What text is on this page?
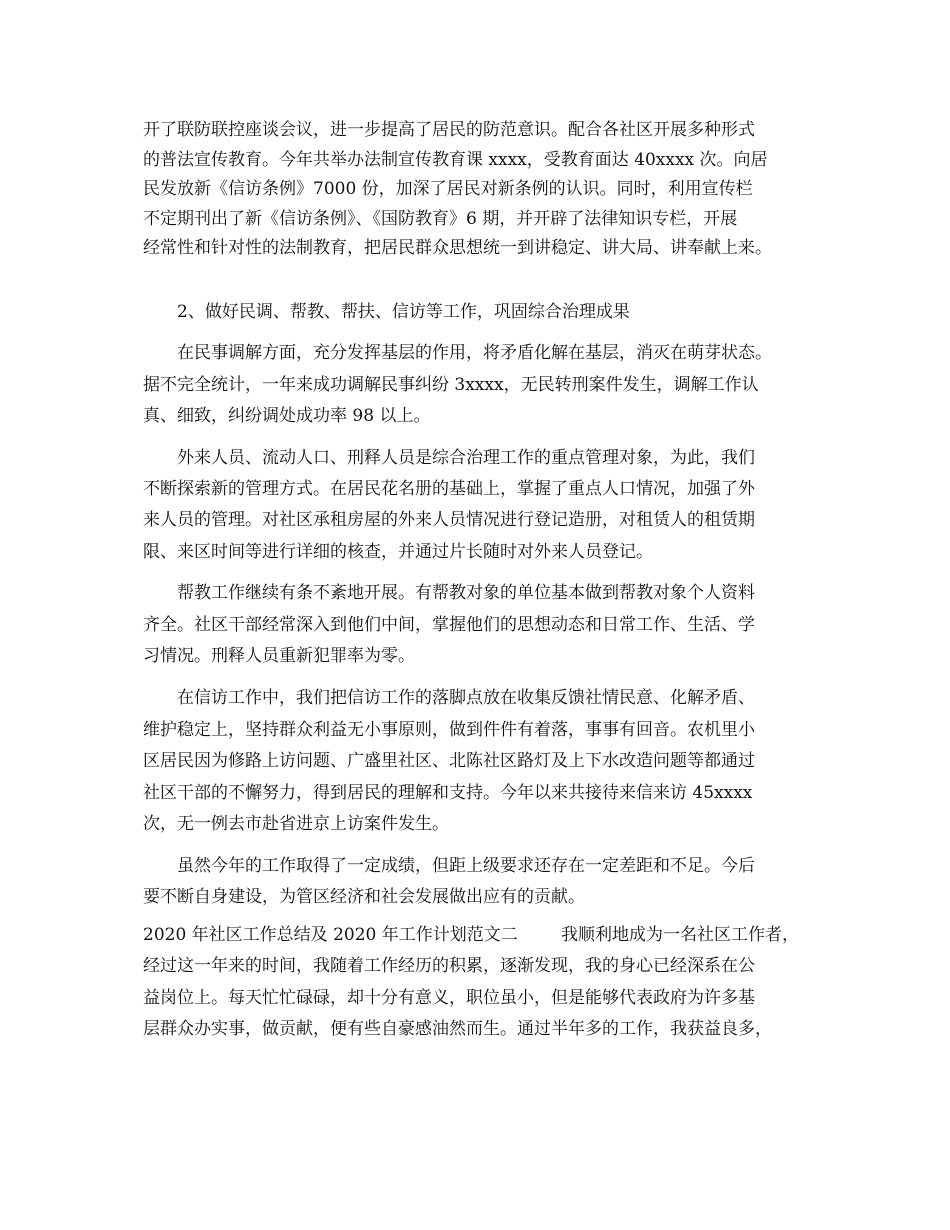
开了联防联控座谈会议，进一步提高了居民的防范意识。配合各社区开展多种形式
的普法宣传教育。今年共举办法制宣传教育课 xxxx，受教育面达 40xxxx 次。向居
民发放新《信访条例》7000 份，加深了居民对新条例的认识。同时，利用宣传栏
不定期刊出了新《信访条例》、《国防教育》6 期，并开辟了法律知识专栏，开展
经常性和针对性的法制教育，把居民群众思想统一到讲稳定、讲大局、讲奉献上来。
2、做好民调、帮教、帮扶、信访等工作，巩固综合治理成果
在民事调解方面，充分发挥基层的作用，将矛盾化解在基层，消灭在萌芽状态。
据不完全统计，一年来成功调解民事纠纷 3xxxx，无民转刑案件发生，调解工作认
真、细致，纠纷调处成功率 98 以上。
外来人员、流动人口、刑释人员是综合治理工作的重点管理对象，为此，我们
不断探索新的管理方式。在居民花名册的基础上，掌握了重点人口情况，加强了外
来人员的管理。对社区承租房屋的外来人员情况进行登记造册，对租赁人的租赁期
限、来区时间等进行详细的核查，并通过片长随时对外来人员登记。
帮教工作继续有条不紊地开展。有帮教对象的单位基本做到帮教对象个人资料
齐全。社区干部经常深入到他们中间，掌握他们的思想动态和日常工作、生活、学
习情况。刑释人员重新犯罪率为零。
在信访工作中，我们把信访工作的落脚点放在收集反馈社情民意、化解矛盾、
维护稳定上，坚持群众利益无小事原则，做到件件有着落，事事有回音。农机里小
区居民因为修路上访问题、广盛里社区、北陈社区路灯及上下水改造问题等都通过
社区干部的不懈努力，得到居民的理解和支持。今年以来共接待来信来访 45xxxx
次，无一例去市赴省进京上访案件发生。
虽然今年的工作取得了一定成绩，但距上级要求还存在一定差距和不足。今后
要不断自身建设，为管区经济和社会发展做出应有的贡献。
2020 年社区工作总结及 2020 年工作计划范文二        我顺利地成为一名社区工作者，
经过这一年来的时间，我随着工作经历的积累，逐渐发现，我的身心已经深系在公
益岗位上。每天忙忙碌碌，却十分有意义，职位虽小，但是能够代表政府为许多基
层群众办实事，做贡献，便有些自豪感油然而生。通过半年多的工作，我获益良多，
